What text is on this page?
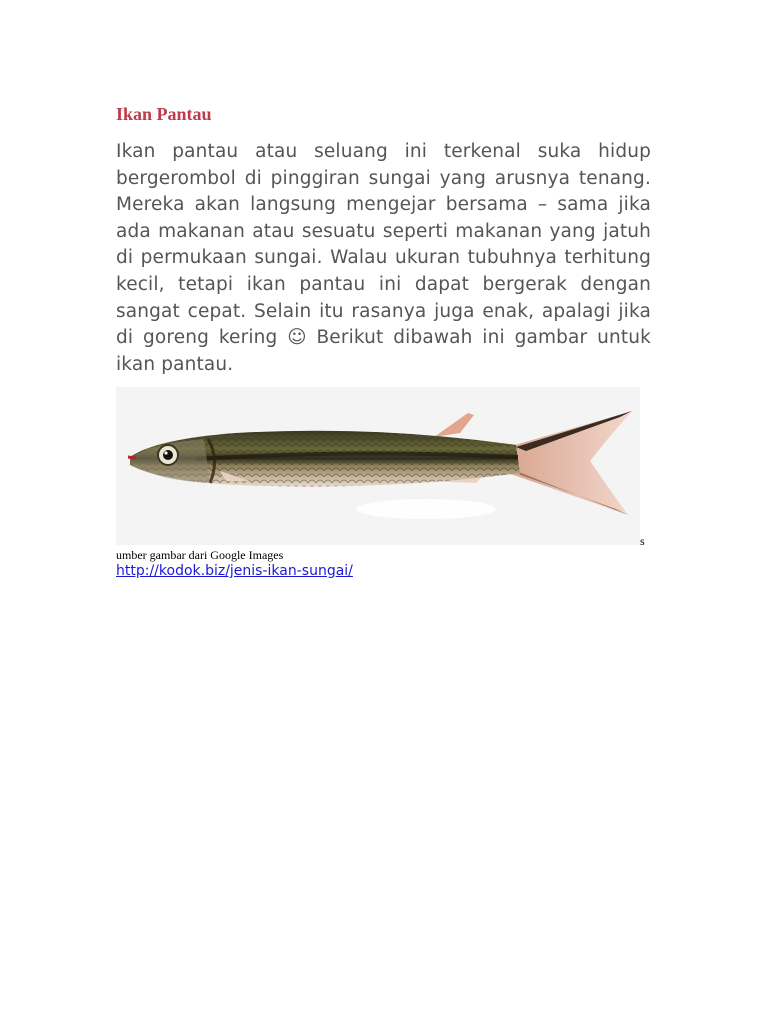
Ikan Pantau

Ikan pantau atau seluang ini terkenal suka hidup bergerombol di pinggiran sungai yang arusnya tenang. Mereka akan langsung mengejar bersama – sama jika ada makanan atau sesuatu seperti makanan yang jatuh di permukaan sungai. Walau ukuran tubuhnya terhitung kecil, tetapi ikan pantau ini dapat bergerak dengan sangat cepat. Selain itu rasanya juga enak, apalagi jika di goreng kering ☺ Berikut dibawah ini gambar untuk ikan pantau.

s
umber gambar dari Google Images
http://kodok.biz/jenis-ikan-sungai/
